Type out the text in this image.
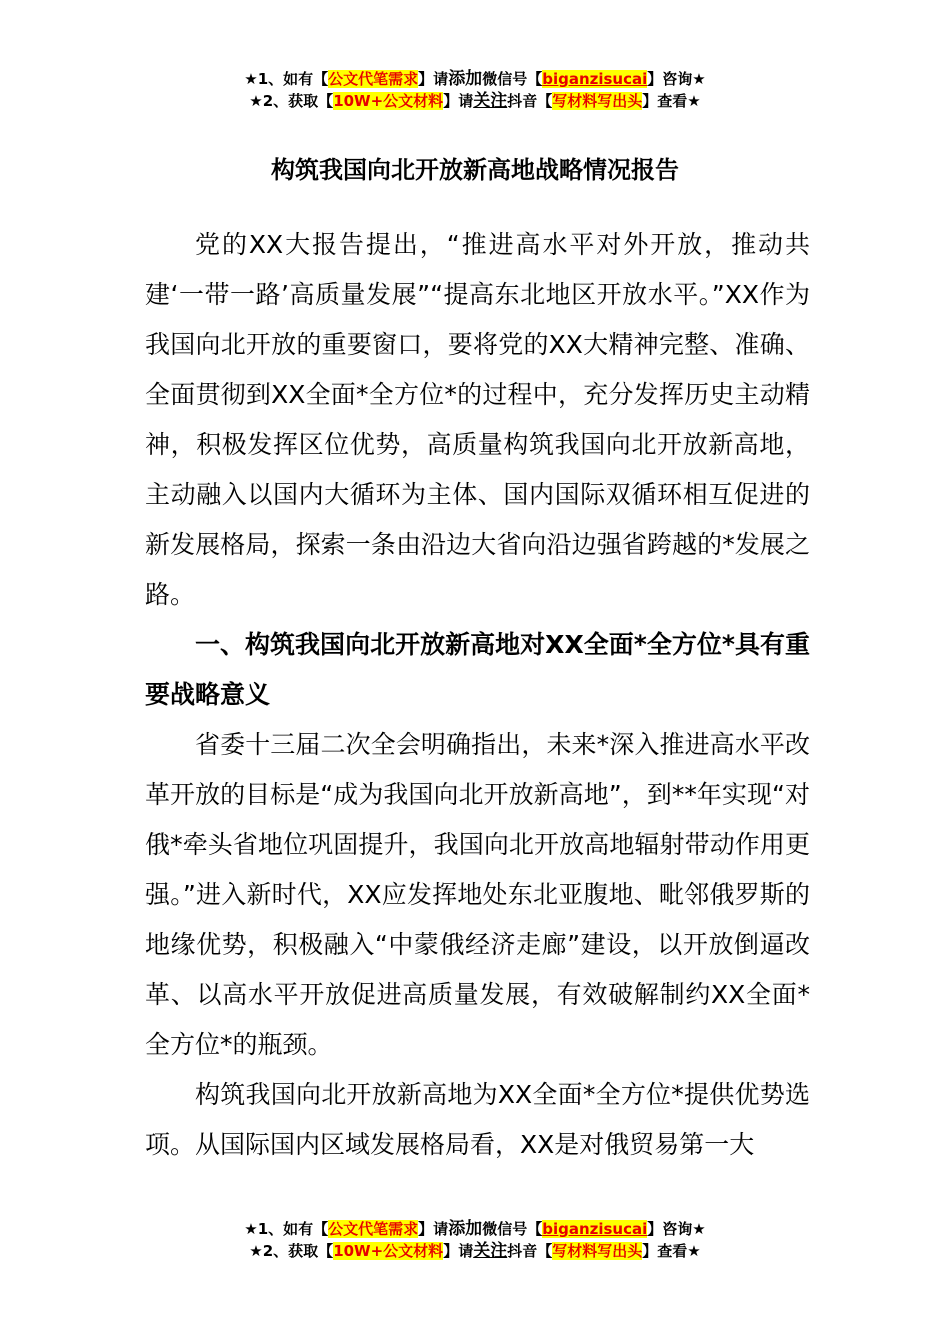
★1、如有【公文代笔需求】请添加微信号【biganzisucai】咨询★
★2、获取【10W+公文材料】请关注抖音【写材料写出头】查看★
构筑我国向北开放新高地战略情况报告

党的XX大报告提出，“推进高水平对外开放，推动共建‘一带一路’高质量发展”“提高东北地区开放水平。”XX作为我国向北开放的重要窗口，要将党的XX大精神完整、准确、全面贯彻到XX全面*全方位*的过程中，充分发挥历史主动精神，积极发挥区位优势，高质量构筑我国向北开放新高地，主动融入以国内大循环为主体、国内国际双循环相互促进的新发展格局，探索一条由沿边大省向沿边强省跨越的*发展之路。

一、构筑我国向北开放新高地对XX全面*全方位*具有重要战略意义

省委十三届二次全会明确指出，未来*深入推进高水平改革开放的目标是“成为我国向北开放新高地”，到**年实现“对俄*牵头省地位巩固提升，我国向北开放高地辐射带动作用更强。”进入新时代，XX应发挥地处东北亚腹地、毗邻俄罗斯的地缘优势，积极融入“中蒙俄经济走廊”建设，以开放倒逼改革、以高水平开放促进高质量发展，有效破解制约XX全面*全方位*的瓶颈。

构筑我国向北开放新高地为XX全面*全方位*提供优势选项。从国际国内区域发展格局看，XX是对俄贸易第一大

★1、如有【公文代笔需求】请添加微信号【biganzisucai】咨询★
★2、获取【10W+公文材料】请关注抖音【写材料写出头】查看★
